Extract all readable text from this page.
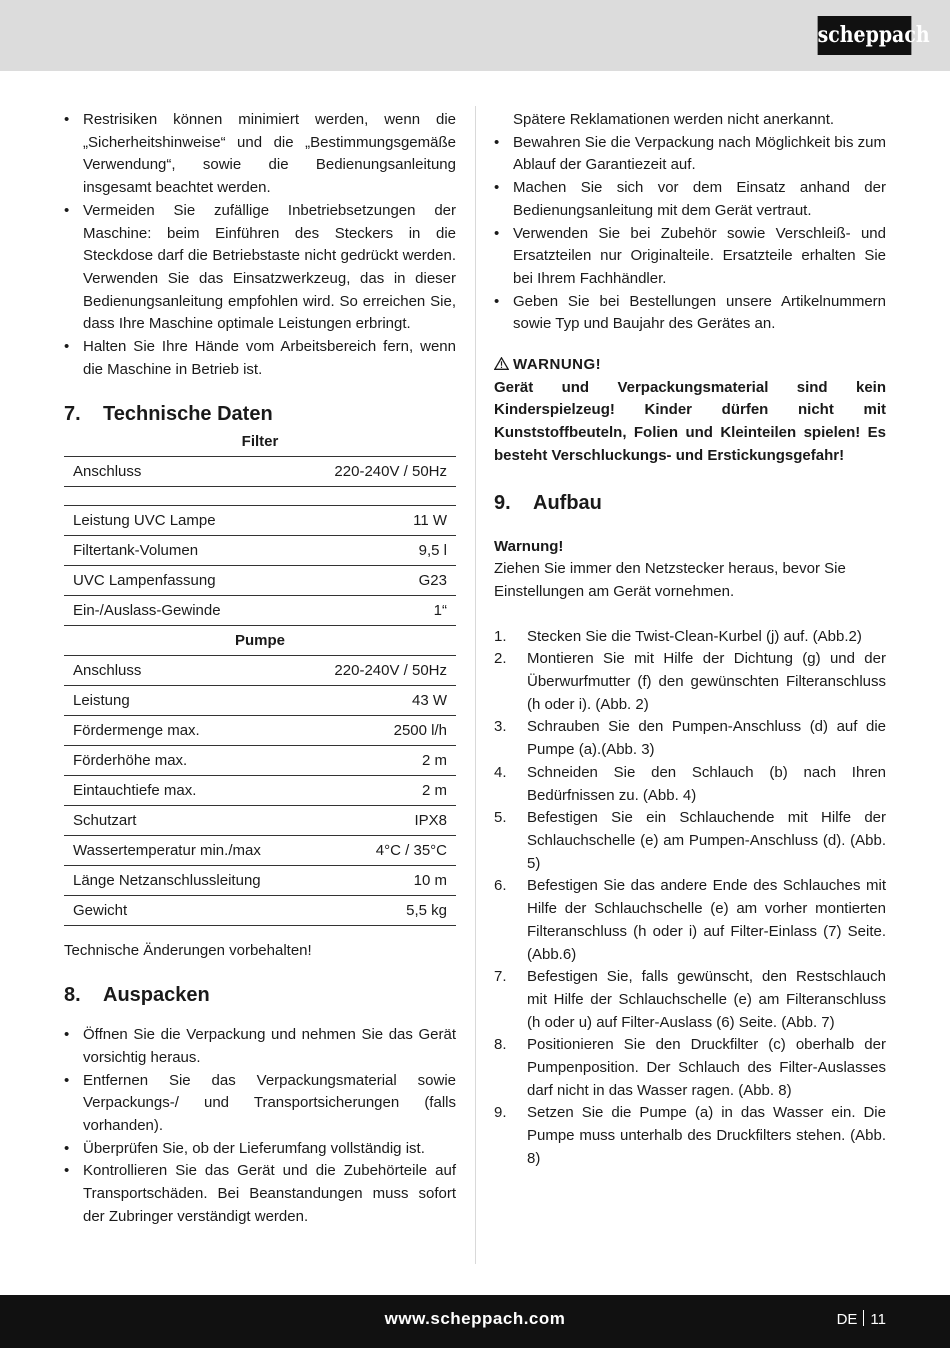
scheppach
• Restrisiken können minimiert werden, wenn die „Sicherheitshinweise“ und die „Bestimmungsgemäße Verwendung“, sowie die Bedienungsanleitung insgesamt beachtet werden.
• Vermeiden Sie zufällige Inbetriebsetzungen der Maschine: beim Einführen des Steckers in die Steckdose darf die Betriebstaste nicht gedrückt werden. Verwenden Sie das Einsatzwerkzeug, das in dieser Bedienungsanleitung empfohlen wird. So erreichen Sie, dass Ihre Maschine optimale Leistungen erbringt.
• Halten Sie Ihre Hände vom Arbeitsbereich fern, wenn die Maschine in Betrieb ist.
7. Technische Daten
Filter	
Anschluss	220-240V / 50Hz

Leistung UVC Lampe	11 W
Filtertank-Volumen	9,5 l
UVC Lampenfassung	G23
Ein-/Auslass-Gewinde	1“
Pumpe	
Anschluss	220-240V / 50Hz
Leistung	43 W
Fördermenge max.	2500 l/h
Förderhöhe max.	2 m
Eintauchtiefe max.	2 m
Schutzart	IPX8
Wassertemperatur min./max	4°C / 35°C
Länge Netzanschlussleitung	10 m
Gewicht	5,5 kg
Technische Änderungen vorbehalten!
8. Auspacken
• Öffnen Sie die Verpackung und nehmen Sie das Gerät vorsichtig heraus.
• Entfernen Sie das Verpackungsmaterial sowie Verpackungs-/ und Transportsicherungen (falls vorhanden).
• Überprüfen Sie, ob der Lieferumfang vollständig ist.
• Kontrollieren Sie das Gerät und die Zubehörteile auf Transportschäden. Bei Beanstandungen muss sofort der Zubringer verständigt werden.
Spätere Reklamationen werden nicht anerkannt.
• Bewahren Sie die Verpackung nach Möglichkeit bis zum Ablauf der Garantiezeit auf.
• Machen Sie sich vor dem Einsatz anhand der Bedienungsanleitung mit dem Gerät vertraut.
• Verwenden Sie bei Zubehör sowie Verschleiß- und Ersatzteilen nur Originalteile. Ersatzteile erhalten Sie bei Ihrem Fachhändler.
• Geben Sie bei Bestellungen unsere Artikelnummern sowie Typ und Baujahr des Gerätes an.
WARNUNG!
Gerät und Verpackungsmaterial sind kein Kinderspielzeug! Kinder dürfen nicht mit Kunststoffbeuteln, Folien und Kleinteilen spielen! Es besteht Verschluckungs- und Erstickungsgefahr!
9. Aufbau
Warnung!
Ziehen Sie immer den Netzstecker heraus, bevor Sie Einstellungen am Gerät vornehmen.
1. Stecken Sie die Twist-Clean-Kurbel (j) auf. (Abb.2)
2. Montieren Sie mit Hilfe der Dichtung (g) und der Überwurfmutter (f) den gewünschten Filteranschluss (h oder i). (Abb. 2)
3. Schrauben Sie den Pumpen-Anschluss (d) auf die Pumpe (a).(Abb. 3)
4. Schneiden Sie den Schlauch (b) nach Ihren Bedürfnissen zu. (Abb. 4)
5. Befestigen Sie ein Schlauchende mit Hilfe der Schlauchschelle (e) am Pumpen-Anschluss (d). (Abb. 5)
6. Befestigen Sie das andere Ende des Schlauches mit Hilfe der Schlauchschelle (e) am vorher montierten Filteranschluss (h oder i) auf Filter-Einlass (7) Seite. (Abb.6)
7. Befestigen Sie, falls gewünscht, den Restschlauch mit Hilfe der Schlauchschelle (e) am Filteranschluss (h oder u) auf Filter-Auslass (6) Seite. (Abb. 7)
8. Positionieren Sie den Druckfilter (c) oberhalb der Pumpenposition. Der Schlauch des Filter-Auslasses darf nicht in das Wasser ragen. (Abb. 8)
9. Setzen Sie die Pumpe (a) in das Wasser ein. Die Pumpe muss unterhalb des Druckfilters stehen. (Abb. 8)
www.scheppach.com	DE 11
